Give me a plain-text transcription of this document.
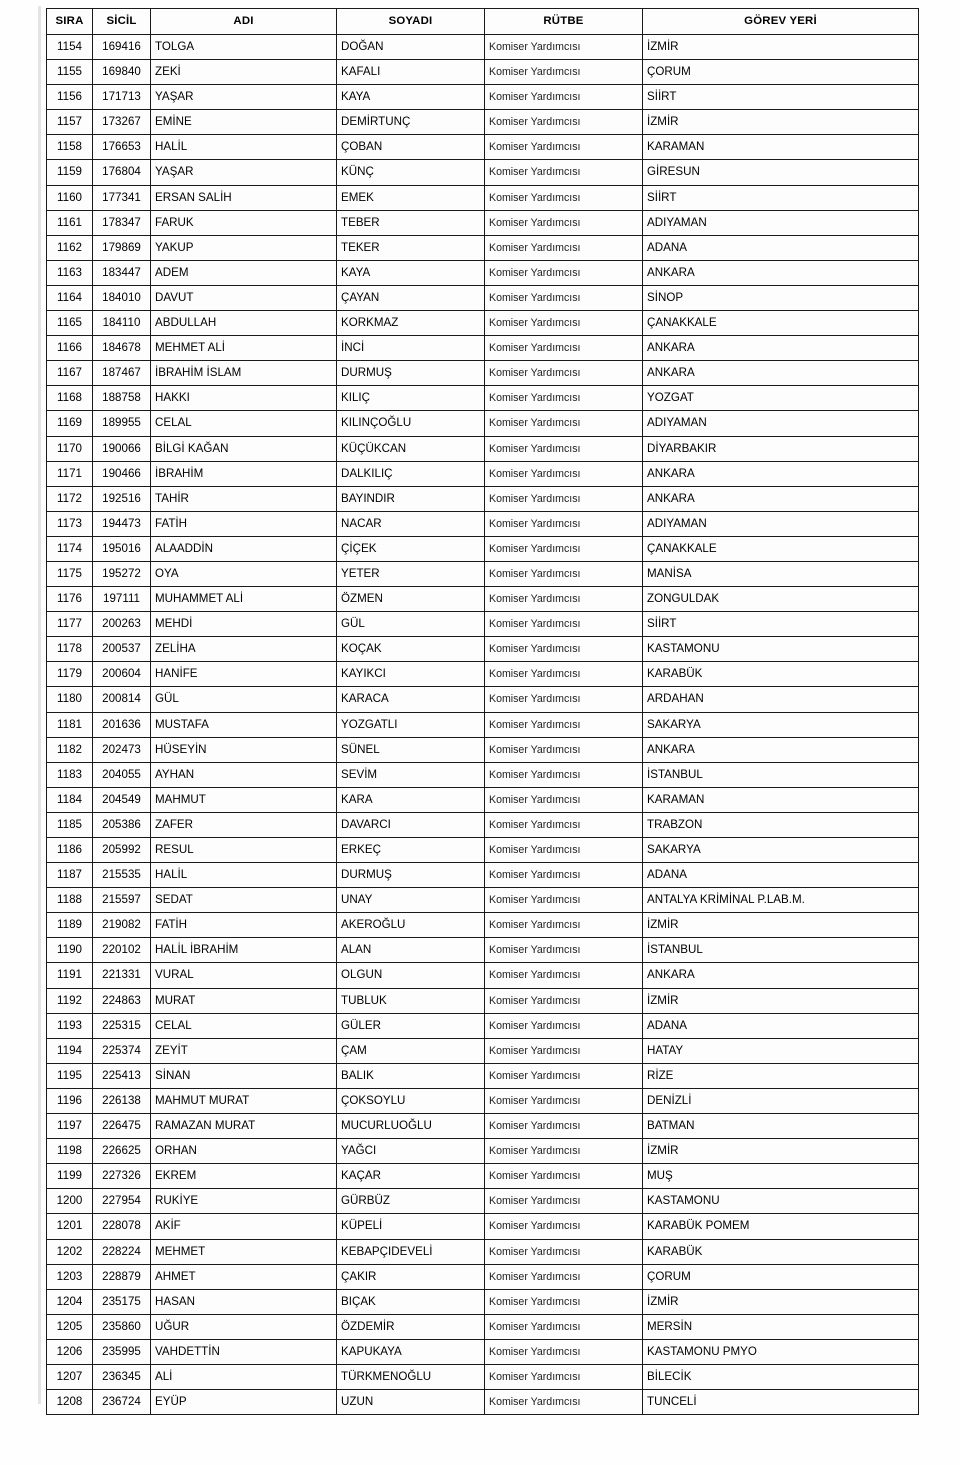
SIRA	SİCİL	ADI	SOYADI	RÜTBE	GÖREV YERİ
1154	169416	TOLGA	DOĞAN	Komiser Yardımcısı	İZMİR
1155	169840	ZEKİ	KAFALI	Komiser Yardımcısı	ÇORUM
1156	171713	YAŞAR	KAYA	Komiser Yardımcısı	SİİRT
1157	173267	EMİNE	DEMİRTUNÇ	Komiser Yardımcısı	İZMİR
1158	176653	HALİL	ÇOBAN	Komiser Yardımcısı	KARAMAN
1159	176804	YAŞAR	KÜNÇ	Komiser Yardımcısı	GİRESUN
1160	177341	ERSAN SALİH	EMEK	Komiser Yardımcısı	SİİRT
1161	178347	FARUK	TEBER	Komiser Yardımcısı	ADIYAMAN
1162	179869	YAKUP	TEKER	Komiser Yardımcısı	ADANA
1163	183447	ADEM	KAYA	Komiser Yardımcısı	ANKARA
1164	184010	DAVUT	ÇAYAN	Komiser Yardımcısı	SİNOP
1165	184110	ABDULLAH	KORKMAZ	Komiser Yardımcısı	ÇANAKKALE
1166	184678	MEHMET ALİ	İNCİ	Komiser Yardımcısı	ANKARA
1167	187467	İBRAHİM İSLAM	DURMUŞ	Komiser Yardımcısı	ANKARA
1168	188758	HAKKI	KILIÇ	Komiser Yardımcısı	YOZGAT
1169	189955	CELAL	KILINÇOĞLU	Komiser Yardımcısı	ADIYAMAN
1170	190066	BİLGİ KAĞAN	KÜÇÜKCAN	Komiser Yardımcısı	DİYARBAKIR
1171	190466	İBRAHİM	DALKILIÇ	Komiser Yardımcısı	ANKARA
1172	192516	TAHİR	BAYINDIR	Komiser Yardımcısı	ANKARA
1173	194473	FATİH	NACAR	Komiser Yardımcısı	ADIYAMAN
1174	195016	ALAADDİN	ÇİÇEK	Komiser Yardımcısı	ÇANAKKALE
1175	195272	OYA	YETER	Komiser Yardımcısı	MANİSA
1176	197111	MUHAMMET ALİ	ÖZMEN	Komiser Yardımcısı	ZONGULDAK
1177	200263	MEHDİ	GÜL	Komiser Yardımcısı	SİİRT
1178	200537	ZELİHA	KOÇAK	Komiser Yardımcısı	KASTAMONU
1179	200604	HANİFE	KAYIKCI	Komiser Yardımcısı	KARABÜK
1180	200814	GÜL	KARACA	Komiser Yardımcısı	ARDAHAN
1181	201636	MUSTAFA	YOZGATLI	Komiser Yardımcısı	SAKARYA
1182	202473	HÜSEYİN	SÜNEL	Komiser Yardımcısı	ANKARA
1183	204055	AYHAN	SEVİM	Komiser Yardımcısı	İSTANBUL
1184	204549	MAHMUT	KARA	Komiser Yardımcısı	KARAMAN
1185	205386	ZAFER	DAVARCI	Komiser Yardımcısı	TRABZON
1186	205992	RESUL	ERKEÇ	Komiser Yardımcısı	SAKARYA
1187	215535	HALİL	DURMUŞ	Komiser Yardımcısı	ADANA
1188	215597	SEDAT	UNAY	Komiser Yardımcısı	ANTALYA KRİMİNAL P.LAB.M.
1189	219082	FATİH	AKEROĞLU	Komiser Yardımcısı	İZMİR
1190	220102	HALİL İBRAHİM	ALAN	Komiser Yardımcısı	İSTANBUL
1191	221331	VURAL	OLGUN	Komiser Yardımcısı	ANKARA
1192	224863	MURAT	TUBLUK	Komiser Yardımcısı	İZMİR
1193	225315	CELAL	GÜLER	Komiser Yardımcısı	ADANA
1194	225374	ZEYİT	ÇAM	Komiser Yardımcısı	HATAY
1195	225413	SİNAN	BALIK	Komiser Yardımcısı	RİZE
1196	226138	MAHMUT MURAT	ÇOKSOYLU	Komiser Yardımcısı	DENİZLİ
1197	226475	RAMAZAN MURAT	MUCURLUOĞLU	Komiser Yardımcısı	BATMAN
1198	226625	ORHAN	YAĞCI	Komiser Yardımcısı	İZMİR
1199	227326	EKREM	KAÇAR	Komiser Yardımcısı	MUŞ
1200	227954	RUKİYE	GÜRBÜZ	Komiser Yardımcısı	KASTAMONU
1201	228078	AKİF	KÜPELİ	Komiser Yardımcısı	KARABÜK POMEM
1202	228224	MEHMET	KEBAPÇIDEVELİ	Komiser Yardımcısı	KARABÜK
1203	228879	AHMET	ÇAKIR	Komiser Yardımcısı	ÇORUM
1204	235175	HASAN	BIÇAK	Komiser Yardımcısı	İZMİR
1205	235860	UĞUR	ÖZDEMİR	Komiser Yardımcısı	MERSİN
1206	235995	VAHDETTİN	KAPUKAYA	Komiser Yardımcısı	KASTAMONU PMYO
1207	236345	ALİ	TÜRKMENOĞLU	Komiser Yardımcısı	BİLECİK
1208	236724	EYÜP	UZUN	Komiser Yardımcısı	TUNCELİ
